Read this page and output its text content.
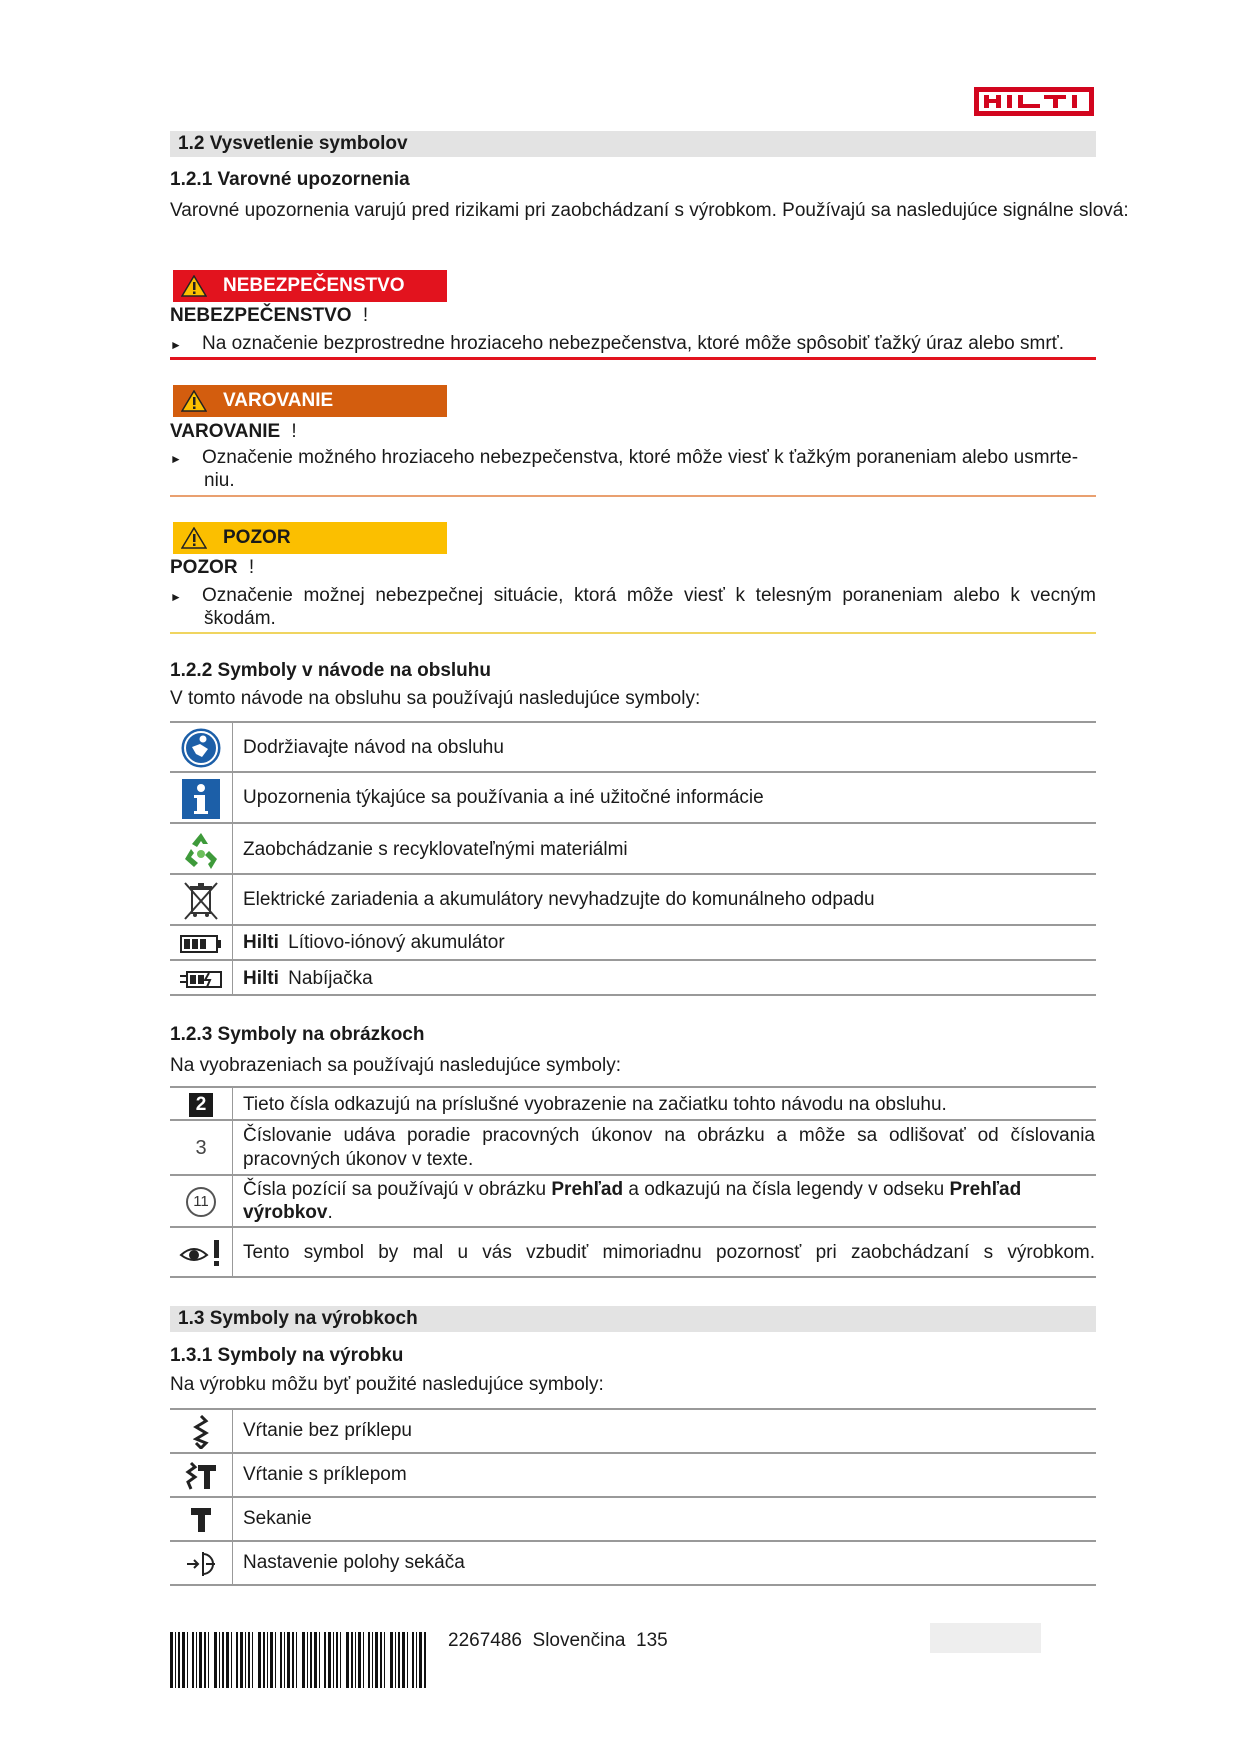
1.2 Vysvetlenie symbolov
1.2.1 Varovné upozornenia
Varovné upozornenia varujú pred rizikami pri zaobchádzaní s výrobkom. Používajú sa nasledujúce signálne slová:
NEBEZPEČENSTVO
NEBEZPEČENSTVO !
► Na označenie bezprostredne hroziaceho nebezpečenstva, ktoré môže spôsobiť ťažký úraz alebo smrť.
VAROVANIE
VAROVANIE !
► Označenie možného hroziaceho nebezpečenstva, ktoré môže viesť k ťažkým poraneniam alebo usmrte-
niu.
POZOR
POZOR !
► Označenie možnej nebezpečnej situácie, ktorá môže viesť k telesným poraneniam alebo k vecným
škodám.
1.2.2 Symboly v návode na obsluhu
V tomto návode na obsluhu sa používajú nasledujúce symboly:
Dodržiavajte návod na obsluhu
Upozornenia týkajúce sa používania a iné užitočné informácie
Zaobchádzanie s recyklovateľnými materiálmi
Elektrické zariadenia a akumulátory nevyhadzujte do komunálneho odpadu
Hilti Lítiovo-iónový akumulátor
Hilti Nabíjačka
1.2.3 Symboly na obrázkoch
Na vyobrazeniach sa používajú nasledujúce symboly:
2	Tieto čísla odkazujú na príslušné vyobrazenie na začiatku tohto návodu na obsluhu.
3
Číslovanie udáva poradie pracovných úkonov na obrázku a môže sa odlišovať od číslovania
pracovných úkonov v texte.
11
Čísla pozícií sa používajú v obrázku Prehľad a odkazujú na čísla legendy v odseku Prehľad
výrobkov.
Tento symbol by mal u vás vzbudiť mimoriadnu pozornosť pri zaobchádzaní s výrobkom.
1.3 Symboly na výrobkoch
1.3.1 Symboly na výrobku
Na výrobku môžu byť použité nasledujúce symboly:
Vŕtanie bez príklepu
Vŕtanie s príklepom
Sekanie
Nastavenie polohy sekáča
2267486 Slovenčina 135
